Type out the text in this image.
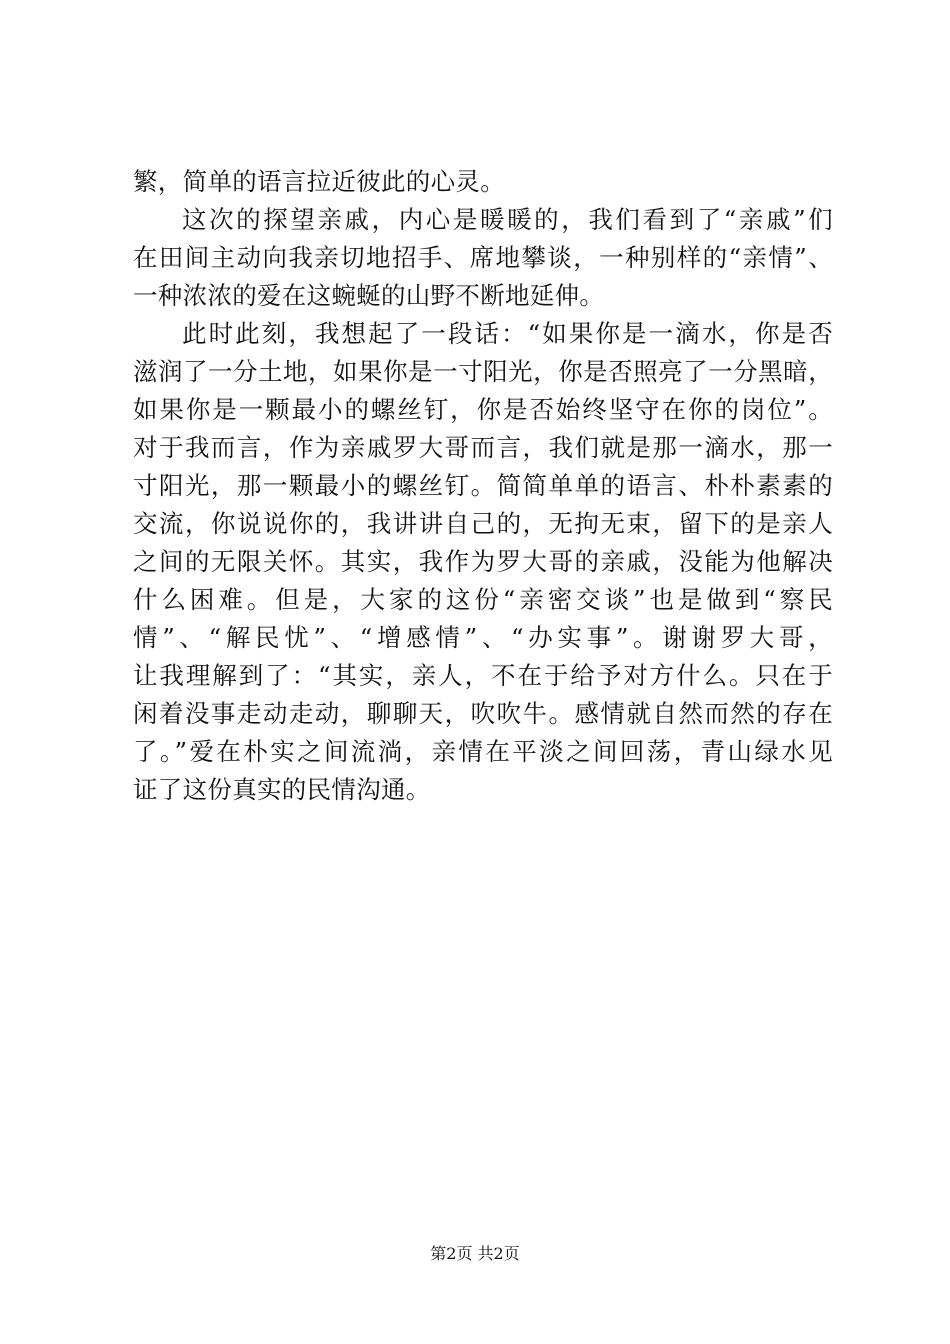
繁，简单的语言拉近彼此的心灵。
这次的探望亲戚，内心是暖暖的，我们看到了“亲戚”们
在田间主动向我亲切地招手、席地攀谈，一种别样的“亲情”、
一种浓浓的爱在这蜿蜒的山野不断地延伸。
此时此刻，我想起了一段话：“如果你是一滴水，你是否
滋润了一分土地，如果你是一寸阳光，你是否照亮了一分黑暗，
如果你是一颗最小的螺丝钉，你是否始终坚守在你的岗位”。
对于我而言，作为亲戚罗大哥而言，我们就是那一滴水，那一
寸阳光，那一颗最小的螺丝钉。简简单单的语言、朴朴素素的
交流，你说说你的，我讲讲自己的，无拘无束，留下的是亲人
之间的无限关怀。其实，我作为罗大哥的亲戚，没能为他解决
什么困难。但是，大家的这份“亲密交谈”也是做到“察民
情”、“解民忧”、“增感情”、“办实事”。谢谢罗大哥，
让我理解到了：“其实，亲人，不在于给予对方什么。只在于
闲着没事走动走动，聊聊天，吹吹牛。感情就自然而然的存在
了。”爱在朴实之间流淌，亲情在平淡之间回荡，青山绿水见
证了这份真实的民情沟通。
第2页 共2页
